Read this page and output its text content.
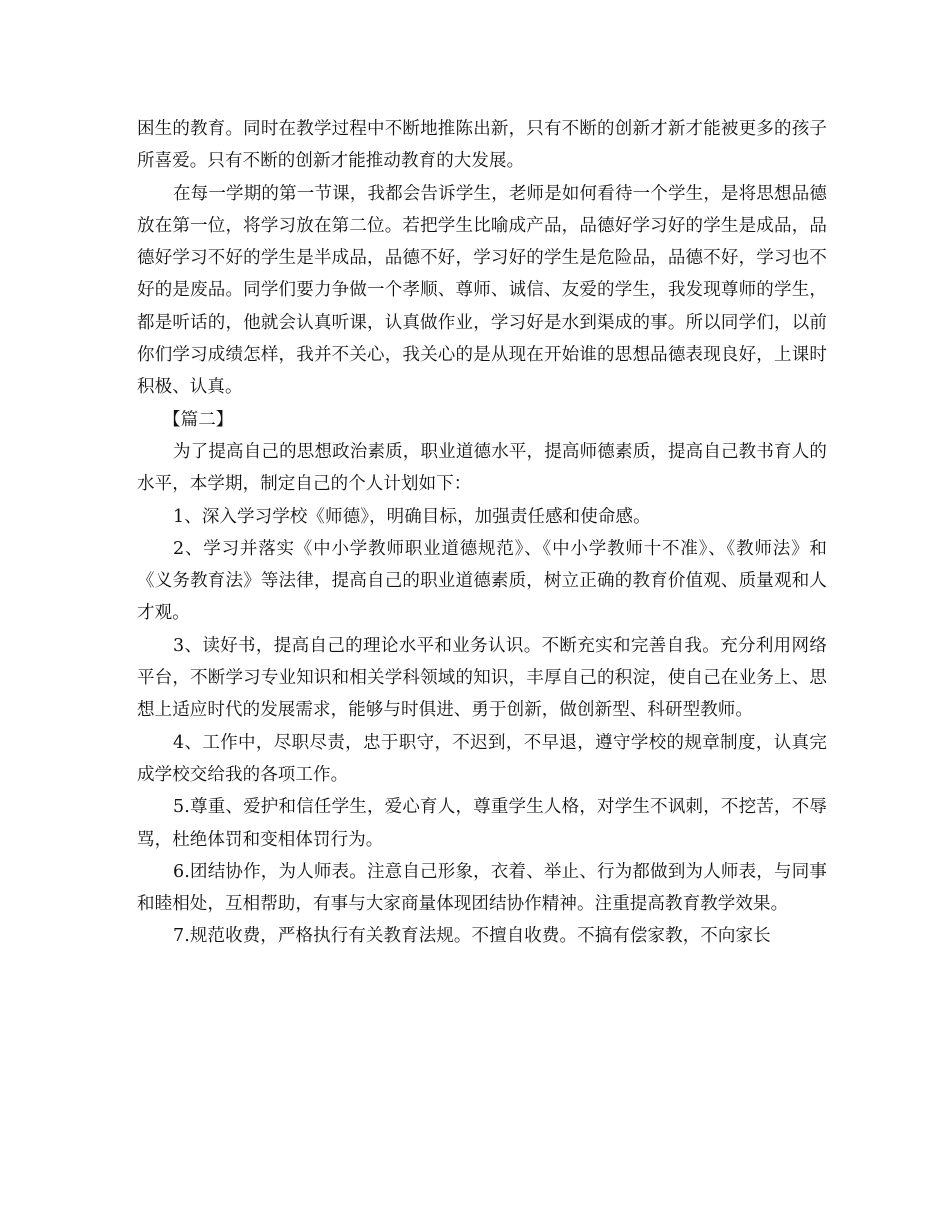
困生的教育。同时在教学过程中不断地推陈出新，只有不断的创新才新才能被更多的孩子所喜爱。只有不断的创新才能推动教育的大发展。

在每一学期的第一节课，我都会告诉学生，老师是如何看待一个学生，是将思想品德放在第一位，将学习放在第二位。若把学生比喻成产品，品德好学习好的学生是成品，品德好学习不好的学生是半成品，品德不好，学习好的学生是危险品，品德不好，学习也不好的是废品。同学们要力争做一个孝顺、尊师、诚信、友爱的学生，我发现尊师的学生，都是听话的，他就会认真听课，认真做作业，学习好是水到渠成的事。所以同学们，以前你们学习成绩怎样，我并不关心，我关心的是从现在开始谁的思想品德表现良好，上课时积极、认真。

【篇二】

为了提高自己的思想政治素质，职业道德水平，提高师德素质，提高自己教书育人的水平，本学期，制定自己的个人计划如下：

1、深入学习学校《师德》，明确目标，加强责任感和使命感。

2、学习并落实《中小学教师职业道德规范》、《中小学教师十不准》、《教师法》和《义务教育法》等法律，提高自己的职业道德素质，树立正确的教育价值观、质量观和人才观。

3、读好书，提高自己的理论水平和业务认识。不断充实和完善自我。充分利用网络平台，不断学习专业知识和相关学科领域的知识，丰厚自己的积淀，使自己在业务上、思想上适应时代的发展需求，能够与时俱进、勇于创新，做创新型、科研型教师。

4、工作中，尽职尽责，忠于职守，不迟到，不早退，遵守学校的规章制度，认真完成学校交给我的各项工作。

5.尊重、爱护和信任学生，爱心育人，尊重学生人格，对学生不讽刺，不挖苦，不辱骂，杜绝体罚和变相体罚行为。

6.团结协作，为人师表。注意自己形象，衣着、举止、行为都做到为人师表，与同事和睦相处，互相帮助，有事与大家商量体现团结协作精神。注重提高教育教学效果。

7.规范收费，严格执行有关教育法规。不擅自收费。不搞有偿家教，不向家长
